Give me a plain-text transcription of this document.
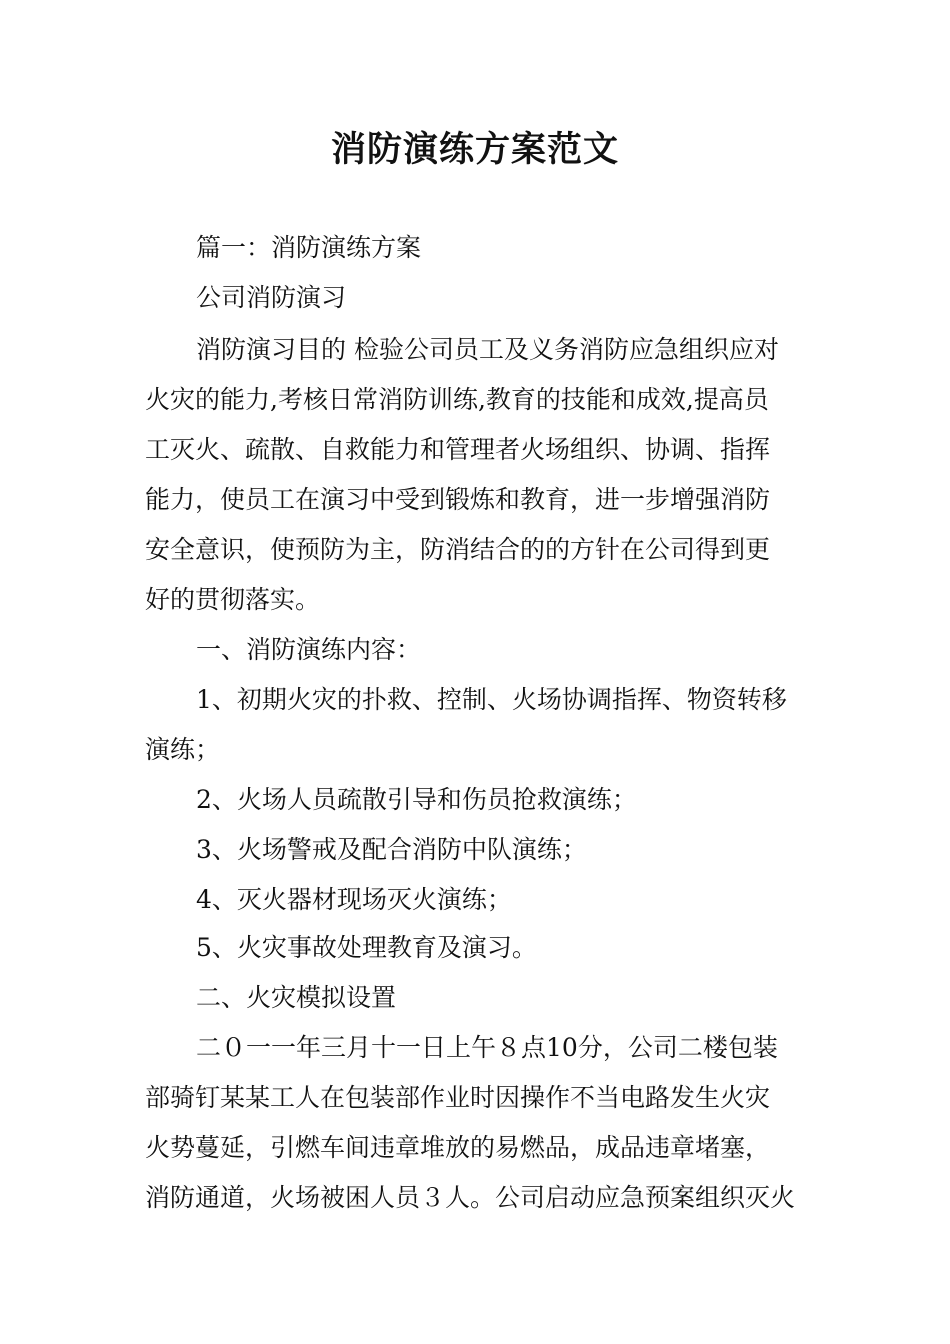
消防演练方案范文
篇一：消防演练方案
公司消防演习
消防演习目的 检验公司员工及义务消防应急组织应对
火灾的能力,考核日常消防训练,教育的技能和成效,提高员
工灭火、疏散、自救能力和管理者火场组织、协调、指挥
能力，使员工在演习中受到锻炼和教育，进一步增强消防
安全意识，使预防为主，防消结合的的方针在公司得到更
好的贯彻落实。
一、消防演练内容：
1、初期火灾的扑救、控制、火场协调指挥、物资转移
演练；
2、火场人员疏散引导和伤员抢救演练；
3、火场警戒及配合消防中队演练；
4、灭火器材现场灭火演练；
5、火灾事故处理教育及演习。
二、火灾模拟设置
二０一一年三月十一日上午８点10分，公司二楼包装
部骑钉某某工人在包装部作业时因操作不当电路发生火灾
火势蔓延，引燃车间违章堆放的易燃品，成品违章堵塞，
消防通道，火场被困人员３人。公司启动应急预案组织灭火
